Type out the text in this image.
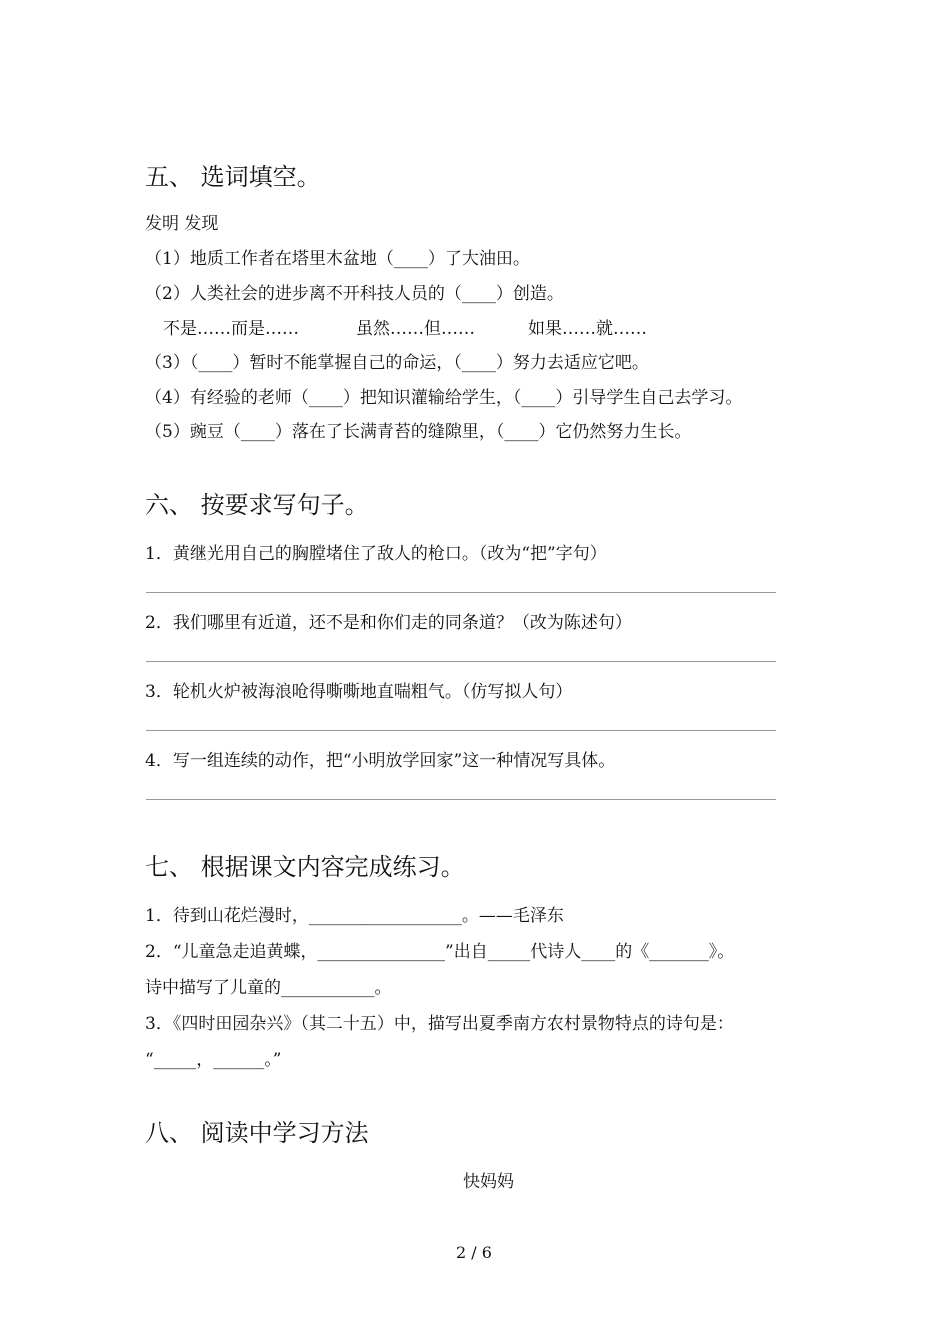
五、 选词填空。
发明 发现
（1）地质工作者在塔里木盆地（____）了大油田。
（2）人类社会的进步离不开科技人员的（____）创造。
不是……而是……	虽然……但……	如果……就……
（3）（____）暂时不能掌握自己的命运，（____）努力去适应它吧。
（4）有经验的老师（____）把知识灌输给学生，（____）引导学生自己去学习。
（5）豌豆（____）落在了长满青苔的缝隙里，（____）它仍然努力生长。
六、 按要求写句子。
1．黄继光用自己的胸膛堵住了敌人的枪口。（改为“把”字句）
2．我们哪里有近道，还不是和你们走的同条道？（改为陈述句）
3．轮机火炉被海浪呛得嘶嘶地直喘粗气。（仿写拟人句）
4．写一组连续的动作，把“小明放学回家”这一种情况写具体。
七、 根据课文内容完成练习。
1．待到山花烂漫时，__________________。——毛泽东
2．“儿童急走追黄蝶，_______________”出自_____代诗人____的《_______》。
诗中描写了儿童的___________。
3．《四时田园杂兴》（其二十五）中，描写出夏季南方农村景物特点的诗句是：
“_____，______。”
八、 阅读中学习方法
快妈妈
2 / 6
